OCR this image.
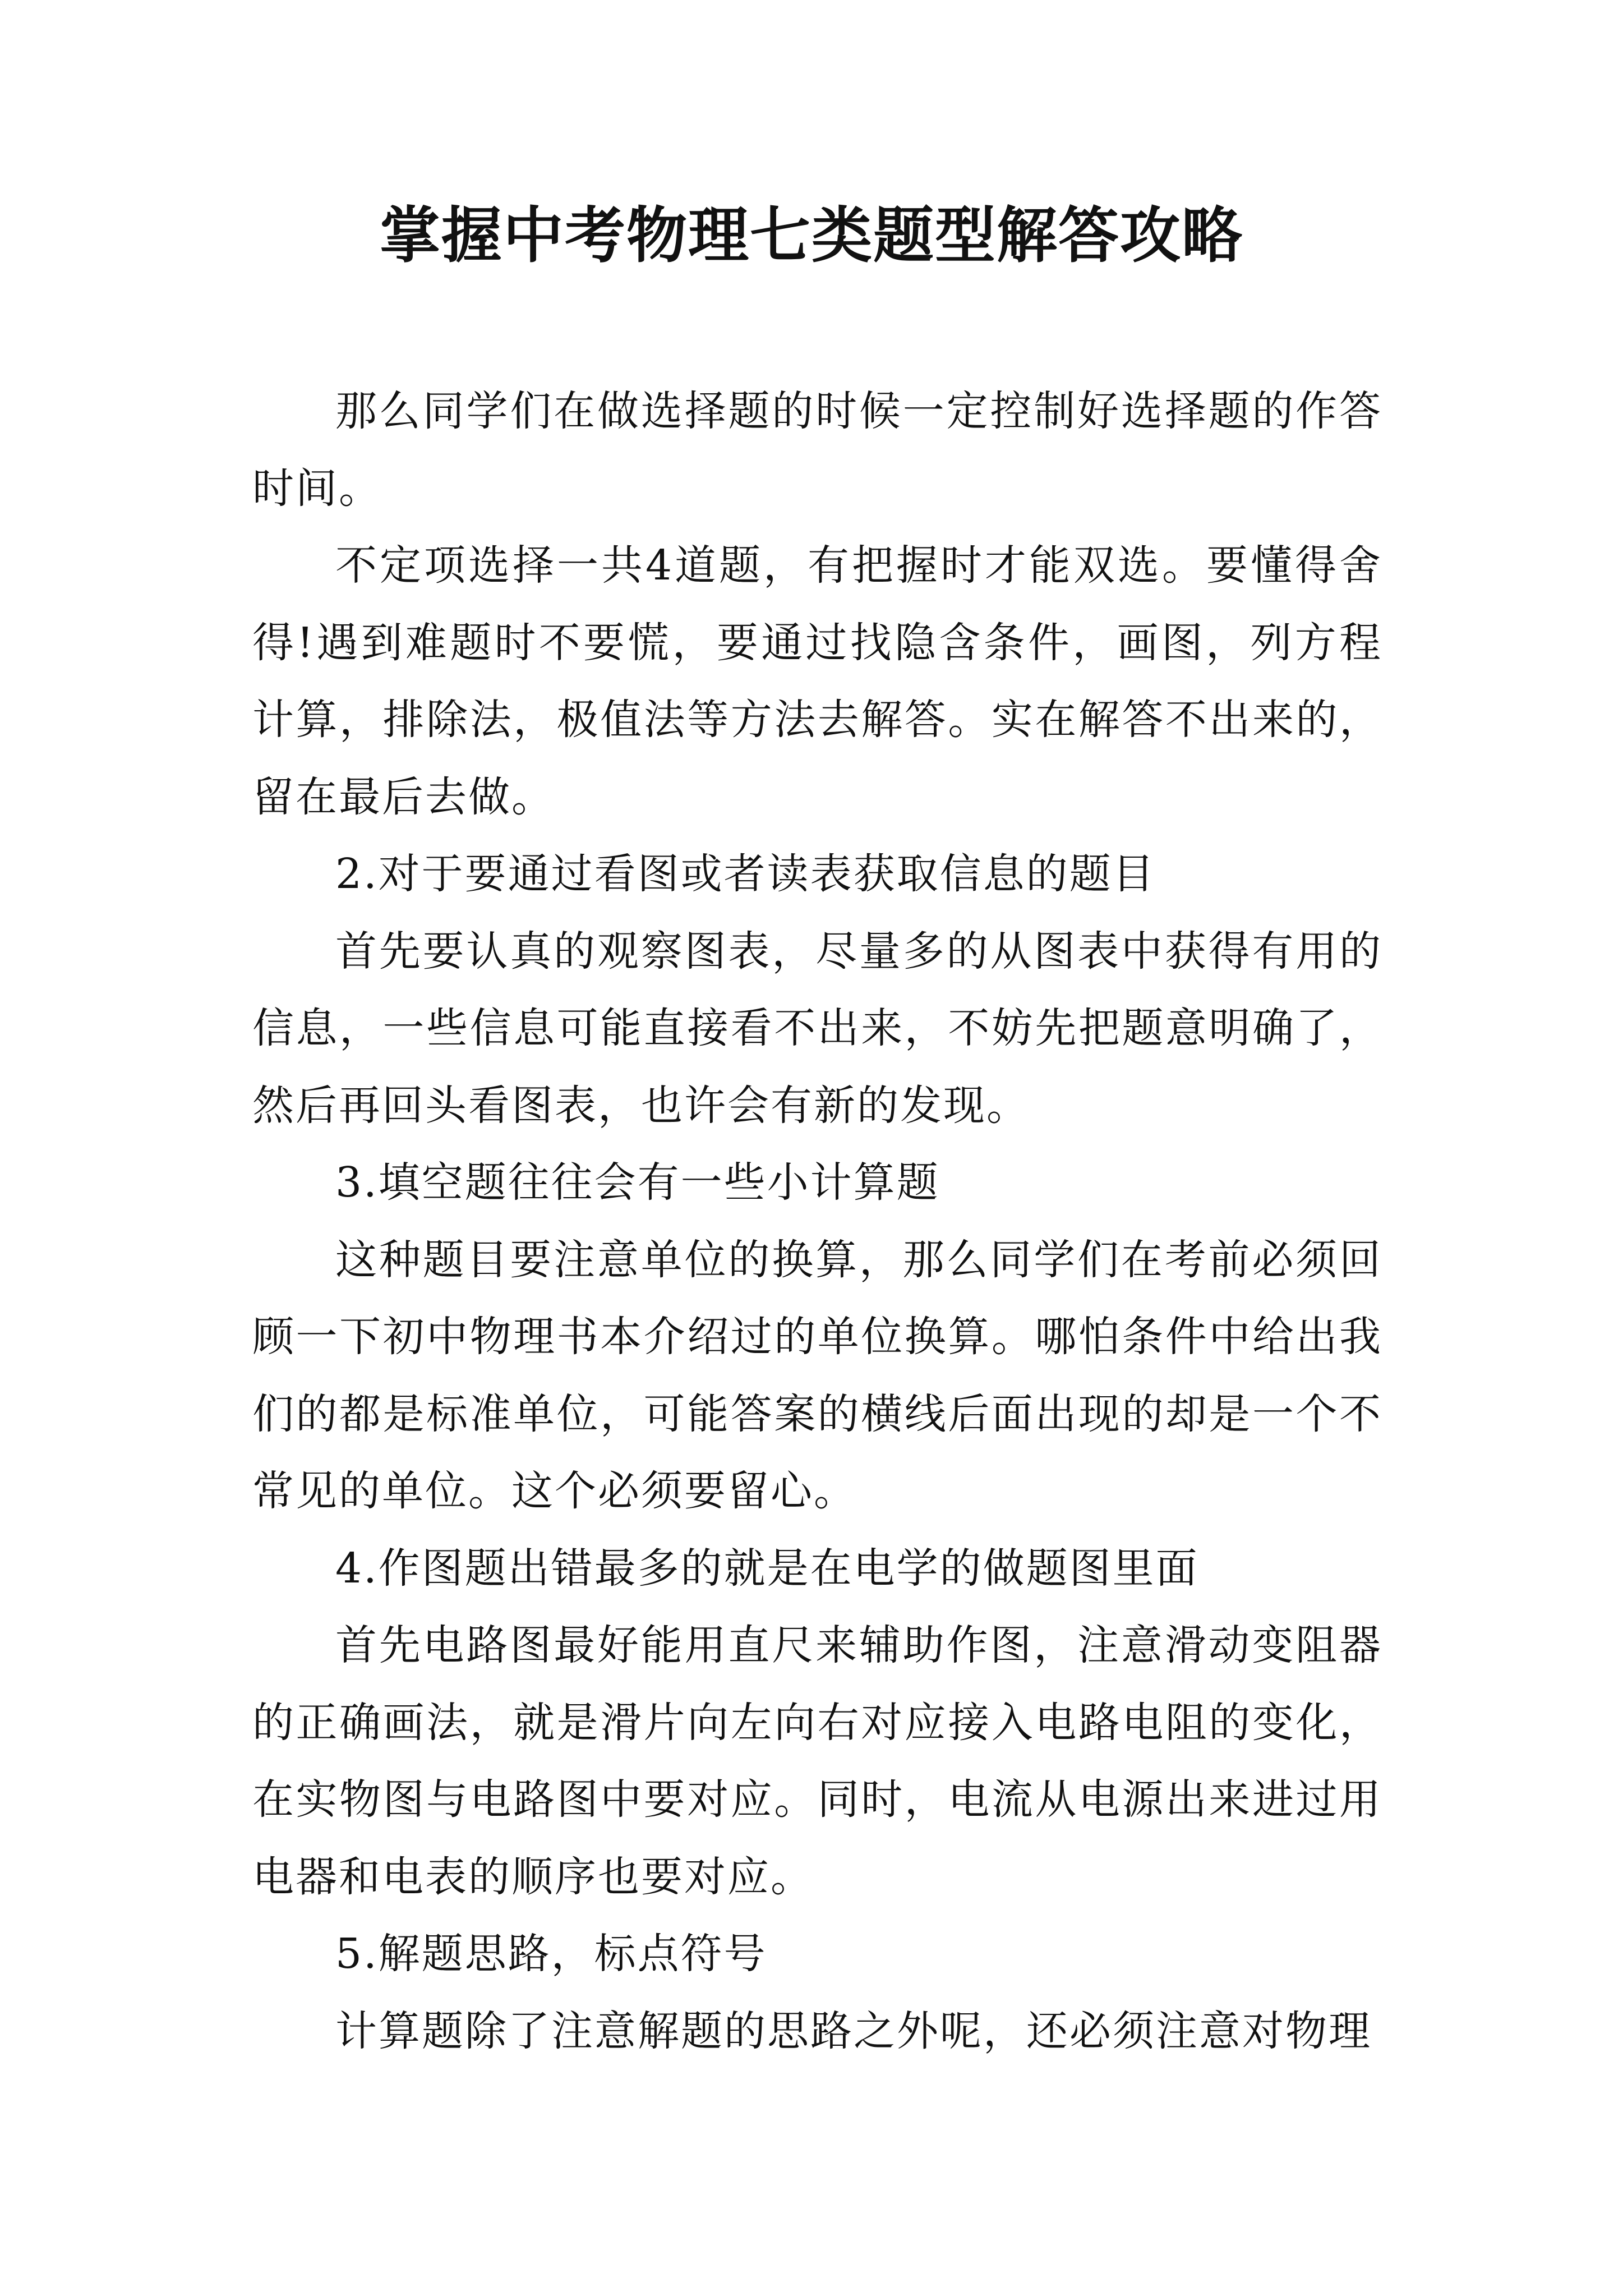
掌握中考物理七类题型解答攻略

那么同学们在做选择题的时候一定控制好选择题的作答时间。

不定项选择一共4道题，有把握时才能双选。要懂得舍得!遇到难题时不要慌，要通过找隐含条件，画图，列方程计算，排除法，极值法等方法去解答。实在解答不出来的，留在最后去做。

2.对于要通过看图或者读表获取信息的题目

首先要认真的观察图表，尽量多的从图表中获得有用的信息，一些信息可能直接看不出来，不妨先把题意明确了，然后再回头看图表，也许会有新的发现。

3.填空题往往会有一些小计算题

这种题目要注意单位的换算，那么同学们在考前必须回顾一下初中物理书本介绍过的单位换算。哪怕条件中给出我们的都是标准单位，可能答案的横线后面出现的却是一个不常见的单位。这个必须要留心。

4.作图题出错最多的就是在电学的做题图里面

首先电路图最好能用直尺来辅助作图，注意滑动变阻器的正确画法，就是滑片向左向右对应接入电路电阻的变化，在实物图与电路图中要对应。同时，电流从电源出来进过用电器和电表的顺序也要对应。

5.解题思路，标点符号

计算题除了注意解题的思路之外呢，还必须注意对物理
